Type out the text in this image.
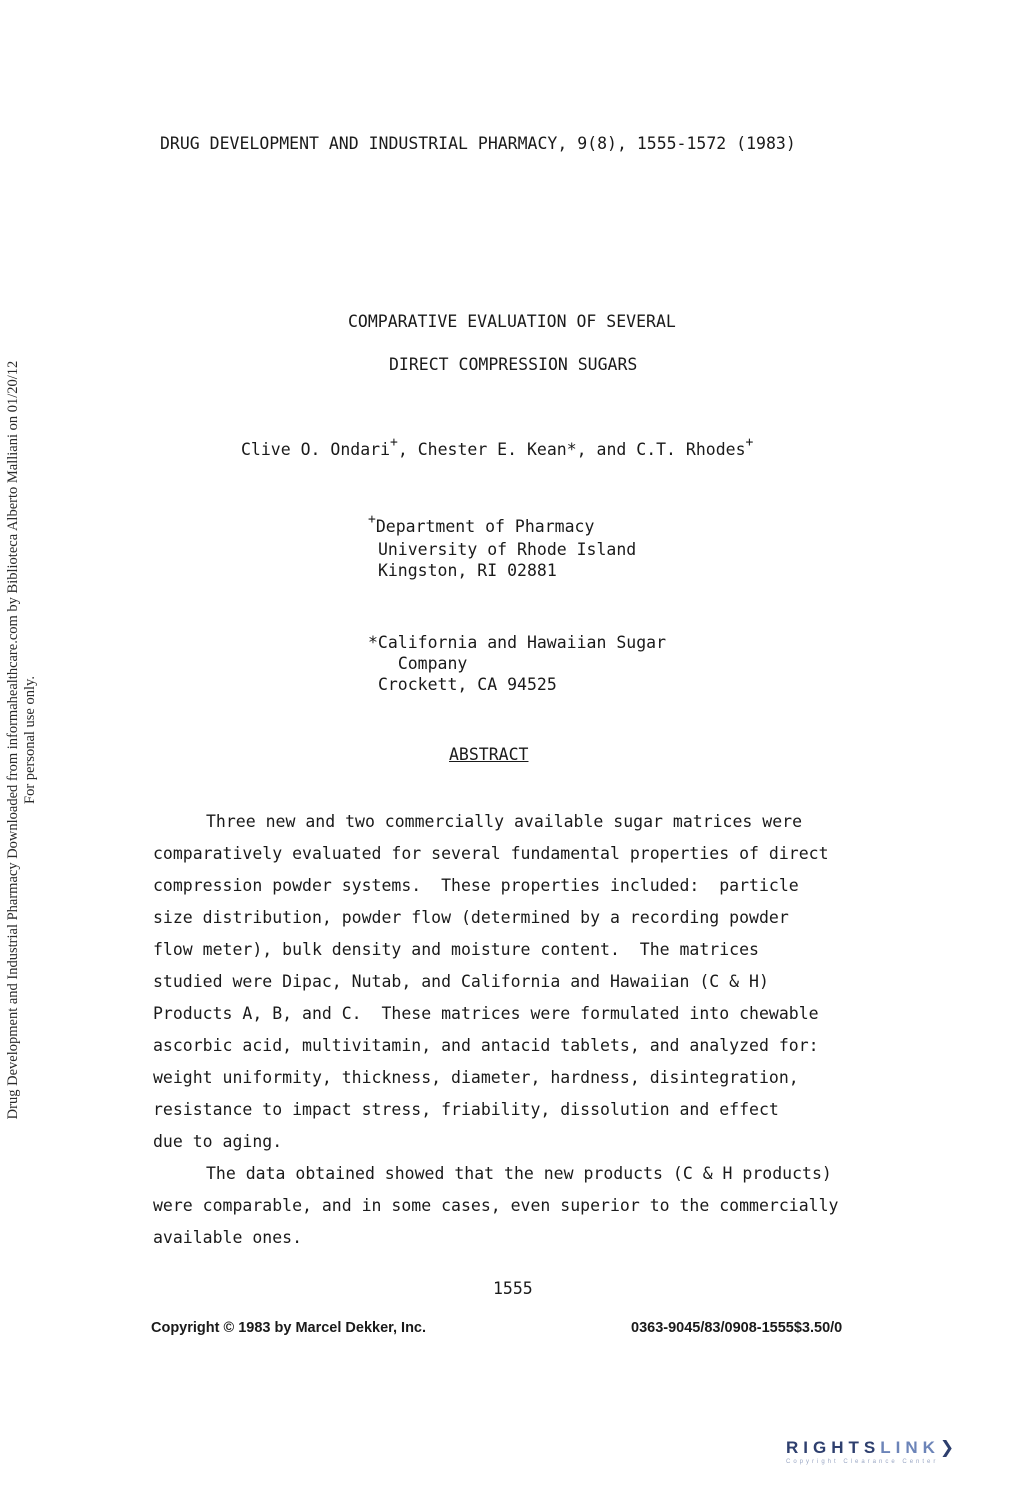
Drug Development and Industrial Pharmacy Downloaded from informahealthcare.com by Biblioteca Alberto Malliani on 01/20/12
For personal use only.
DRUG DEVELOPMENT AND INDUSTRIAL PHARMACY, 9(8), 1555-1572 (1983)
COMPARATIVE EVALUATION OF SEVERAL
DIRECT COMPRESSION SUGARS
Clive O. Ondari+, Chester E. Kean*, and C.T. Rhodes+
+Department of Pharmacy
University of Rhode Island
Kingston, RI 02881
*California and Hawaiian Sugar
Company
Crockett, CA 94525
ABSTRACT
Three new and two commercially available sugar matrices were
comparatively evaluated for several fundamental properties of direct
compression powder systems.  These properties included:  particle
size distribution, powder flow (determined by a recording powder
flow meter), bulk density and moisture content.  The matrices
studied were Dipac, Nutab, and California and Hawaiian (C & H)
Products A, B, and C.  These matrices were formulated into chewable
ascorbic acid, multivitamin, and antacid tablets, and analyzed for:
weight uniformity, thickness, diameter, hardness, disintegration,
resistance to impact stress, friability, dissolution and effect
due to aging.
The data obtained showed that the new products (C & H products)
were comparable, and in some cases, even superior to the commercially
available ones.
1555
Copyright © 1983 by Marcel Dekker, Inc.	0363-9045/83/0908-1555$3.50/0
RIGHTSLINK❯
Copyright Clearance Center
